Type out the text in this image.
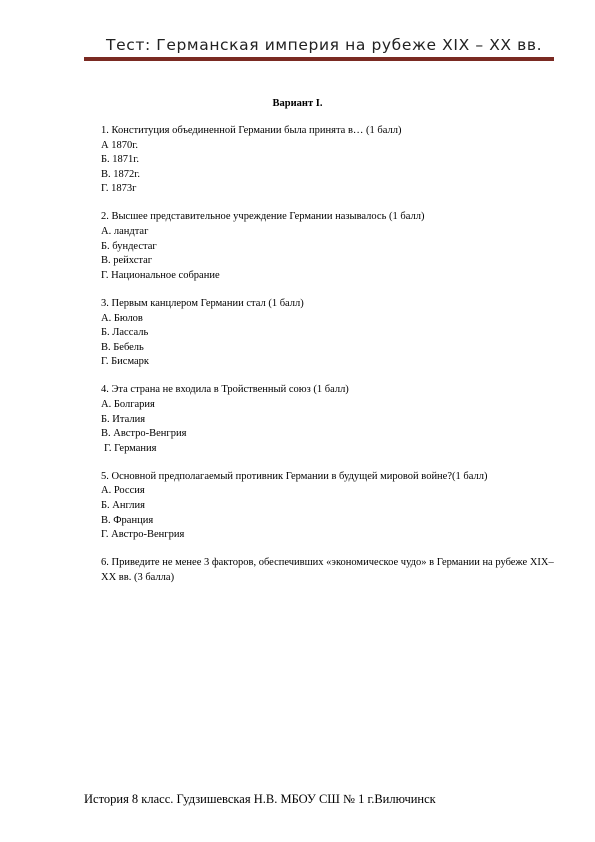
Тест: Германская империя на рубеже XIX – XX вв.
Вариант I.
1. Конституция объединенной Германии была принята в… (1 балл)
А 1870г.
Б. 1871г.
В. 1872г.
Г. 1873г
2. Высшее представительное учреждение Германии называлось (1 балл)
А. ландтаг
Б. бундестаг
В. рейхстаг
Г. Национальное собрание
3. Первым канцлером Германии стал (1 балл)
А. Бюлов
Б. Лассаль
В. Бебель
Г. Бисмарк
4. Эта страна не входила в Тройственный союз (1 балл)
А. Болгария
Б. Италия
В. Австро-Венгрия
Г. Германия
5. Основной предполагаемый противник Германии в будущей мировой войне?(1 балл)
А. Россия
Б. Англия
В. Франция
Г. Австро-Венгрия
6. Приведите не менее 3 факторов, обеспечивших «экономическое чудо» в Германии на рубеже XIX–XX вв. (3 балла)
История 8 класс. Гудзишевская Н.В. МБОУ СШ № 1 г.Вилючинск
